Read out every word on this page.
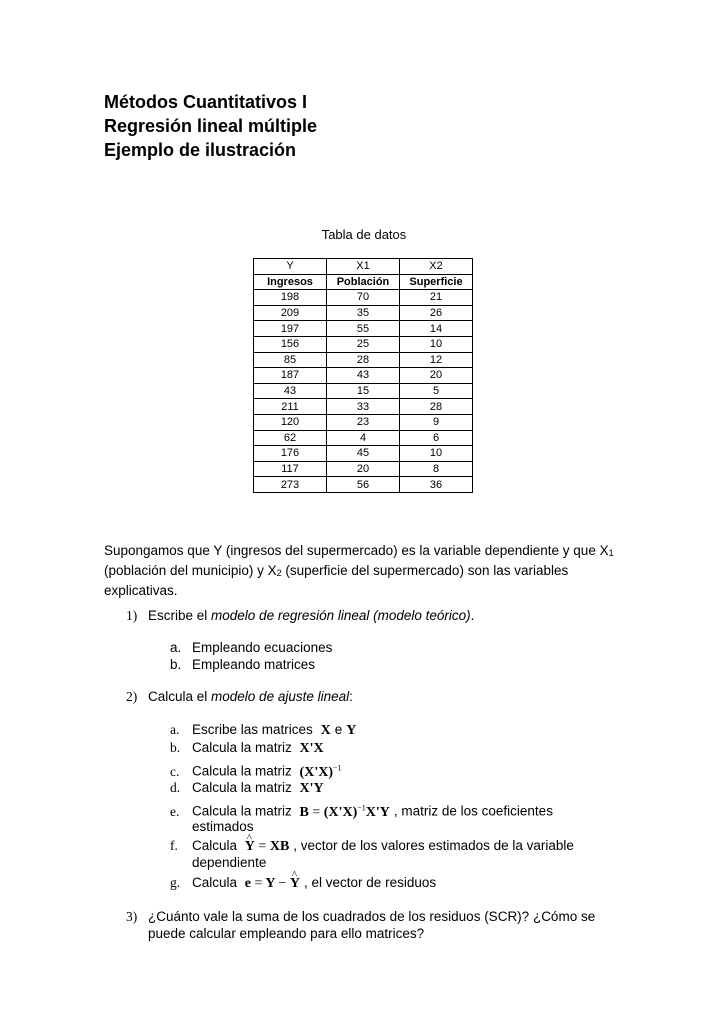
Métodos Cuantitativos I
Regresión lineal múltiple
Ejemplo de ilustración
Tabla de datos
Y	X1	X2
Ingresos	Población	Superficie
198	70	21
209	35	26
197	55	14
156	25	10
85	28	12
187	43	20
43	15	5
211	33	28
120	23	9
62	4	6
176	45	10
117	20	8
273	56	36
Supongamos que Y (ingresos del supermercado) es la variable dependiente y que $X_1$ (población del municipio) y $X_2$ (superficie del supermercado) son las variables explicativas.
1) Escribe el modelo de regresión lineal (modelo teórico).
a. Empleando ecuaciones
b. Empleando matrices
2) Calcula el modelo de ajuste lineal:
a. Escribe las matrices X e Y
b. Calcula la matriz X'X
c. Calcula la matriz $(X'X)^{-1}$
d. Calcula la matriz X'Y
e. Calcula la matriz $B = (X'X)^{-1}X'Y$ , matriz de los coeficientes
estimados
f. Calcula ^ Y = XB , vector de los valores estimados de la variable
dependiente
g. Calcula e = Y − ^ Y , el vector de residuos
3) ¿Cuánto vale la suma de los cuadrados de los residuos (SCR)? ¿Cómo se
puede calcular empleando para ello matrices?
